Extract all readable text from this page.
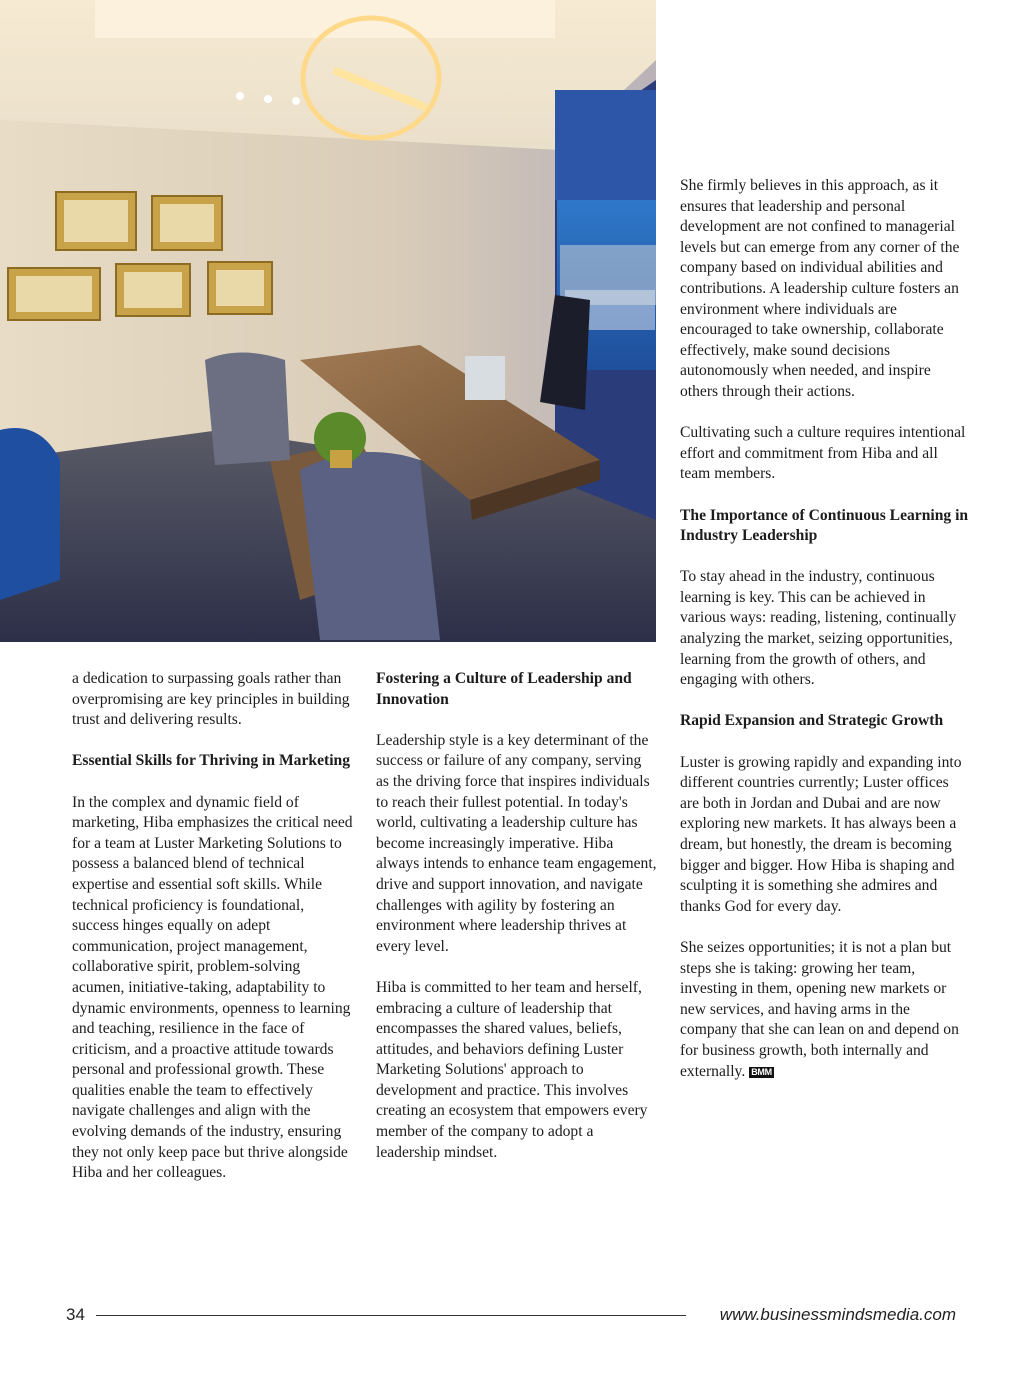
a dedication to surpassing goals rather than overpromising are key principles in building trust and delivering results.

Essential Skills for Thriving in Marketing

In the complex and dynamic field of marketing, Hiba emphasizes the critical need for a team at Luster Marketing Solutions to possess a balanced blend of technical expertise and essential soft skills. While technical proficiency is foundational, success hinges equally on adept communication, project management, collaborative spirit, problem-solving acumen, initiative-taking, adaptability to dynamic environments, openness to learning and teaching, resilience in the face of criticism, and a proactive attitude towards personal and professional growth. These qualities enable the team to effectively navigate challenges and align with the evolving demands of the industry, ensuring they not only keep pace but thrive alongside Hiba and her colleagues.

Fostering a Culture of Leadership and Innovation

Leadership style is a key determinant of the success or failure of any company, serving as the driving force that inspires individuals to reach their fullest potential. In today's world, cultivating a leadership culture has become increasingly imperative. Hiba always intends to enhance team engagement, drive and support innovation, and navigate challenges with agility by fostering an environment where leadership thrives at every level.

Hiba is committed to her team and herself, embracing a culture of leadership that encompasses the shared values, beliefs, attitudes, and behaviors defining Luster Marketing Solutions' approach to development and practice. This involves creating an ecosystem that empowers every member of the company to adopt a leadership mindset.

She firmly believes in this approach, as it ensures that leadership and personal development are not confined to managerial levels but can emerge from any corner of the company based on individual abilities and contributions. A leadership culture fosters an environment where individuals are encouraged to take ownership, collaborate effectively, make sound decisions autonomously when needed, and inspire others through their actions.

Cultivating such a culture requires intentional effort and commitment from Hiba and all team members.

The Importance of Continuous Learning in Industry Leadership

To stay ahead in the industry, continuous learning is key. This can be achieved in various ways: reading, listening, continually analyzing the market, seizing opportunities, learning from the growth of others, and engaging with others.

Rapid Expansion and Strategic Growth

Luster is growing rapidly and expanding into different countries currently; Luster offices are both in Jordan and Dubai and are now exploring new markets. It has always been a dream, but honestly, the dream is becoming bigger and bigger. How Hiba is shaping and sculpting it is something she admires and thanks God for every day.

She seizes opportunities; it is not a plan but steps she is taking: growing her team, investing in them, opening new markets or new services, and having arms in the company that she can lean on and depend on for business growth, both internally and externally. BMM

34	www.businessmindsmedia.com
